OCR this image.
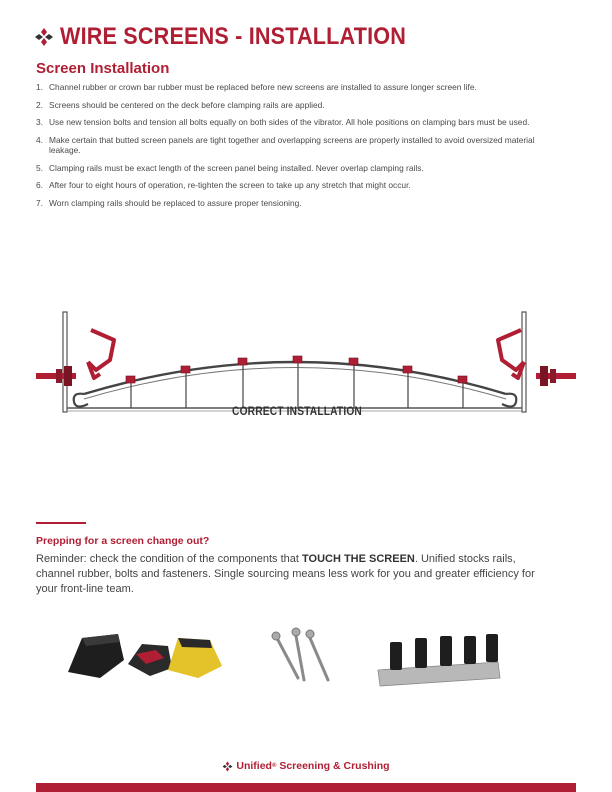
WIRE SCREENS - INSTALLATION
Screen Installation
1. Channel rubber or crown bar rubber must be replaced before new screens are installed to assure longer screen life.
2. Screens should be centered on the deck before clamping rails are applied.
3. Use new tension bolts and tension all bolts equally on both sides of the vibrator. All hole positions on clamping bars must be used.
4. Make certain that butted screen panels are tight together and overlapping screens are properly installed to avoid oversized material leakage.
5. Clamping rails must be exact length of the screen panel being installed. Never overlap clamping rails.
6. After four to eight hours of operation, re-tighten the screen to take up any stretch that might occur.
7. Worn clamping rails should be replaced to assure proper tensioning.
CORRECT INSTALLATION
Prepping for a screen change out?
Reminder: check the condition of the components that TOUCH THE SCREEN. Unified stocks rails, channel rubber, bolts and fasteners. Single sourcing means less work for you and greater efficiency for your front-line team.
Unified ® Screening & Crushing
